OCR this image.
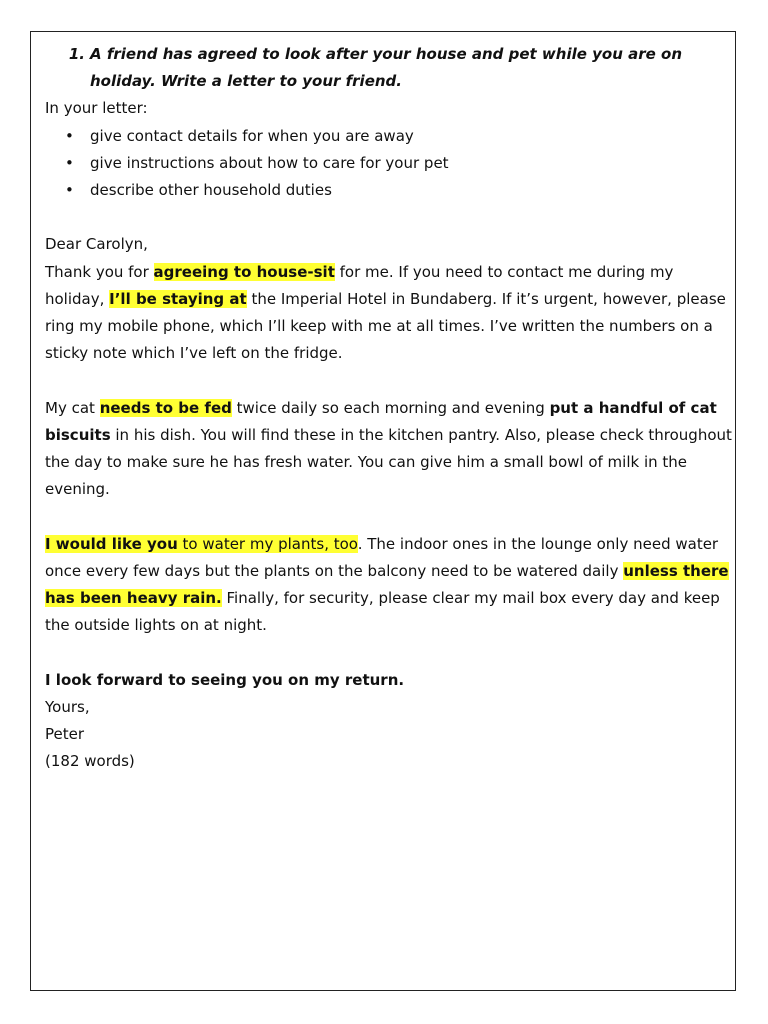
1. A friend has agreed to look after your house and pet while you are on holiday. Write a letter to your friend.

In your letter:

• give contact details for when you are away
• give instructions about how to care for your pet
• describe other household duties

Dear Carolyn,

Thank you for agreeing to house-sit for me. If you need to contact me during my holiday, I’ll be staying at the Imperial Hotel in Bundaberg. If it’s urgent, however, please ring my mobile phone, which I’ll keep with me at all times. I’ve written the numbers on a sticky note which I’ve left on the fridge.

My cat needs to be fed twice daily so each morning and evening put a handful of cat biscuits in his dish. You will find these in the kitchen pantry. Also, please check throughout the day to make sure he has fresh water. You can give him a small bowl of milk in the evening.

I would like you to water my plants, too. The indoor ones in the lounge only need water once every few days but the plants on the balcony need to be watered daily unless there has been heavy rain. Finally, for security, please clear my mail box every day and keep the outside lights on at night.

I look forward to seeing you on my return.

Yours,

Peter

(182 words)
